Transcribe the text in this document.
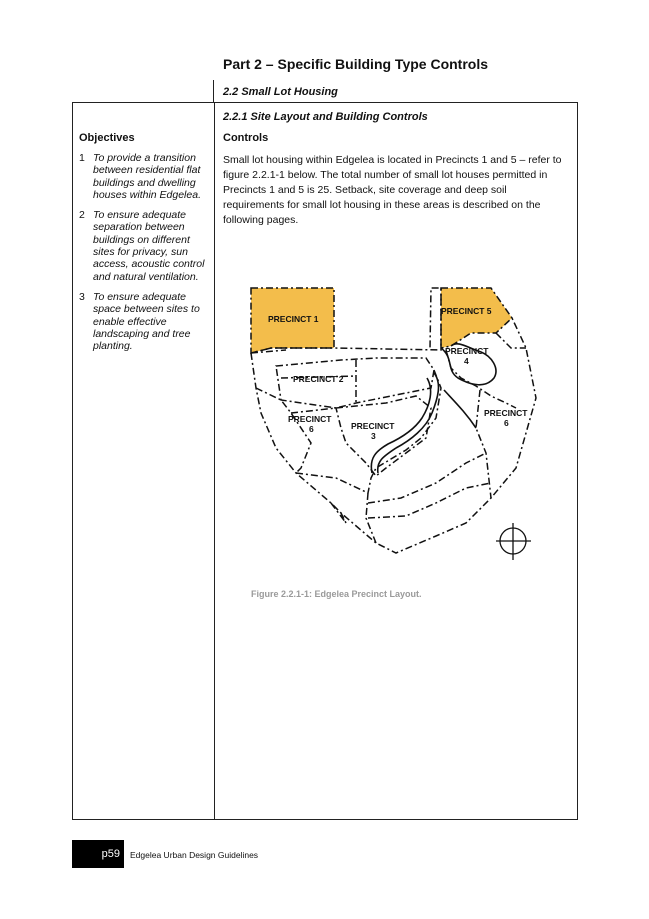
Part 2 – Specific Building Type Controls
2.2 Small Lot Housing
2.2.1 Site Layout and Building Controls
Objectives	Controls
1 To provide a transition between residential flat buildings and dwelling houses within Edgelea.
2 To ensure adequate separation between buildings on different sites for privacy, sun access, acoustic control and natural ventilation.
3 To ensure adequate space between sites to enable effective landscaping and tree planting.

Small lot housing within Edgelea is located in Precincts 1 and 5 – refer to figure 2.2.1-1 below. The total number of small lot houses permitted in Precincts 1 and 5 is 25. Setback, site coverage and deep soil requirements for small lot housing in these areas is described on the following pages.

PRECINCT 1
PRECINCT 5
PRECINCT
4
PRECINCT 2
PRECINCT
6
PRECINCT
6	PRECINCT
3
Figure 2.2.1-1: Edgelea Precinct Layout.
p59	Edgelea Urban Design Guidelines
